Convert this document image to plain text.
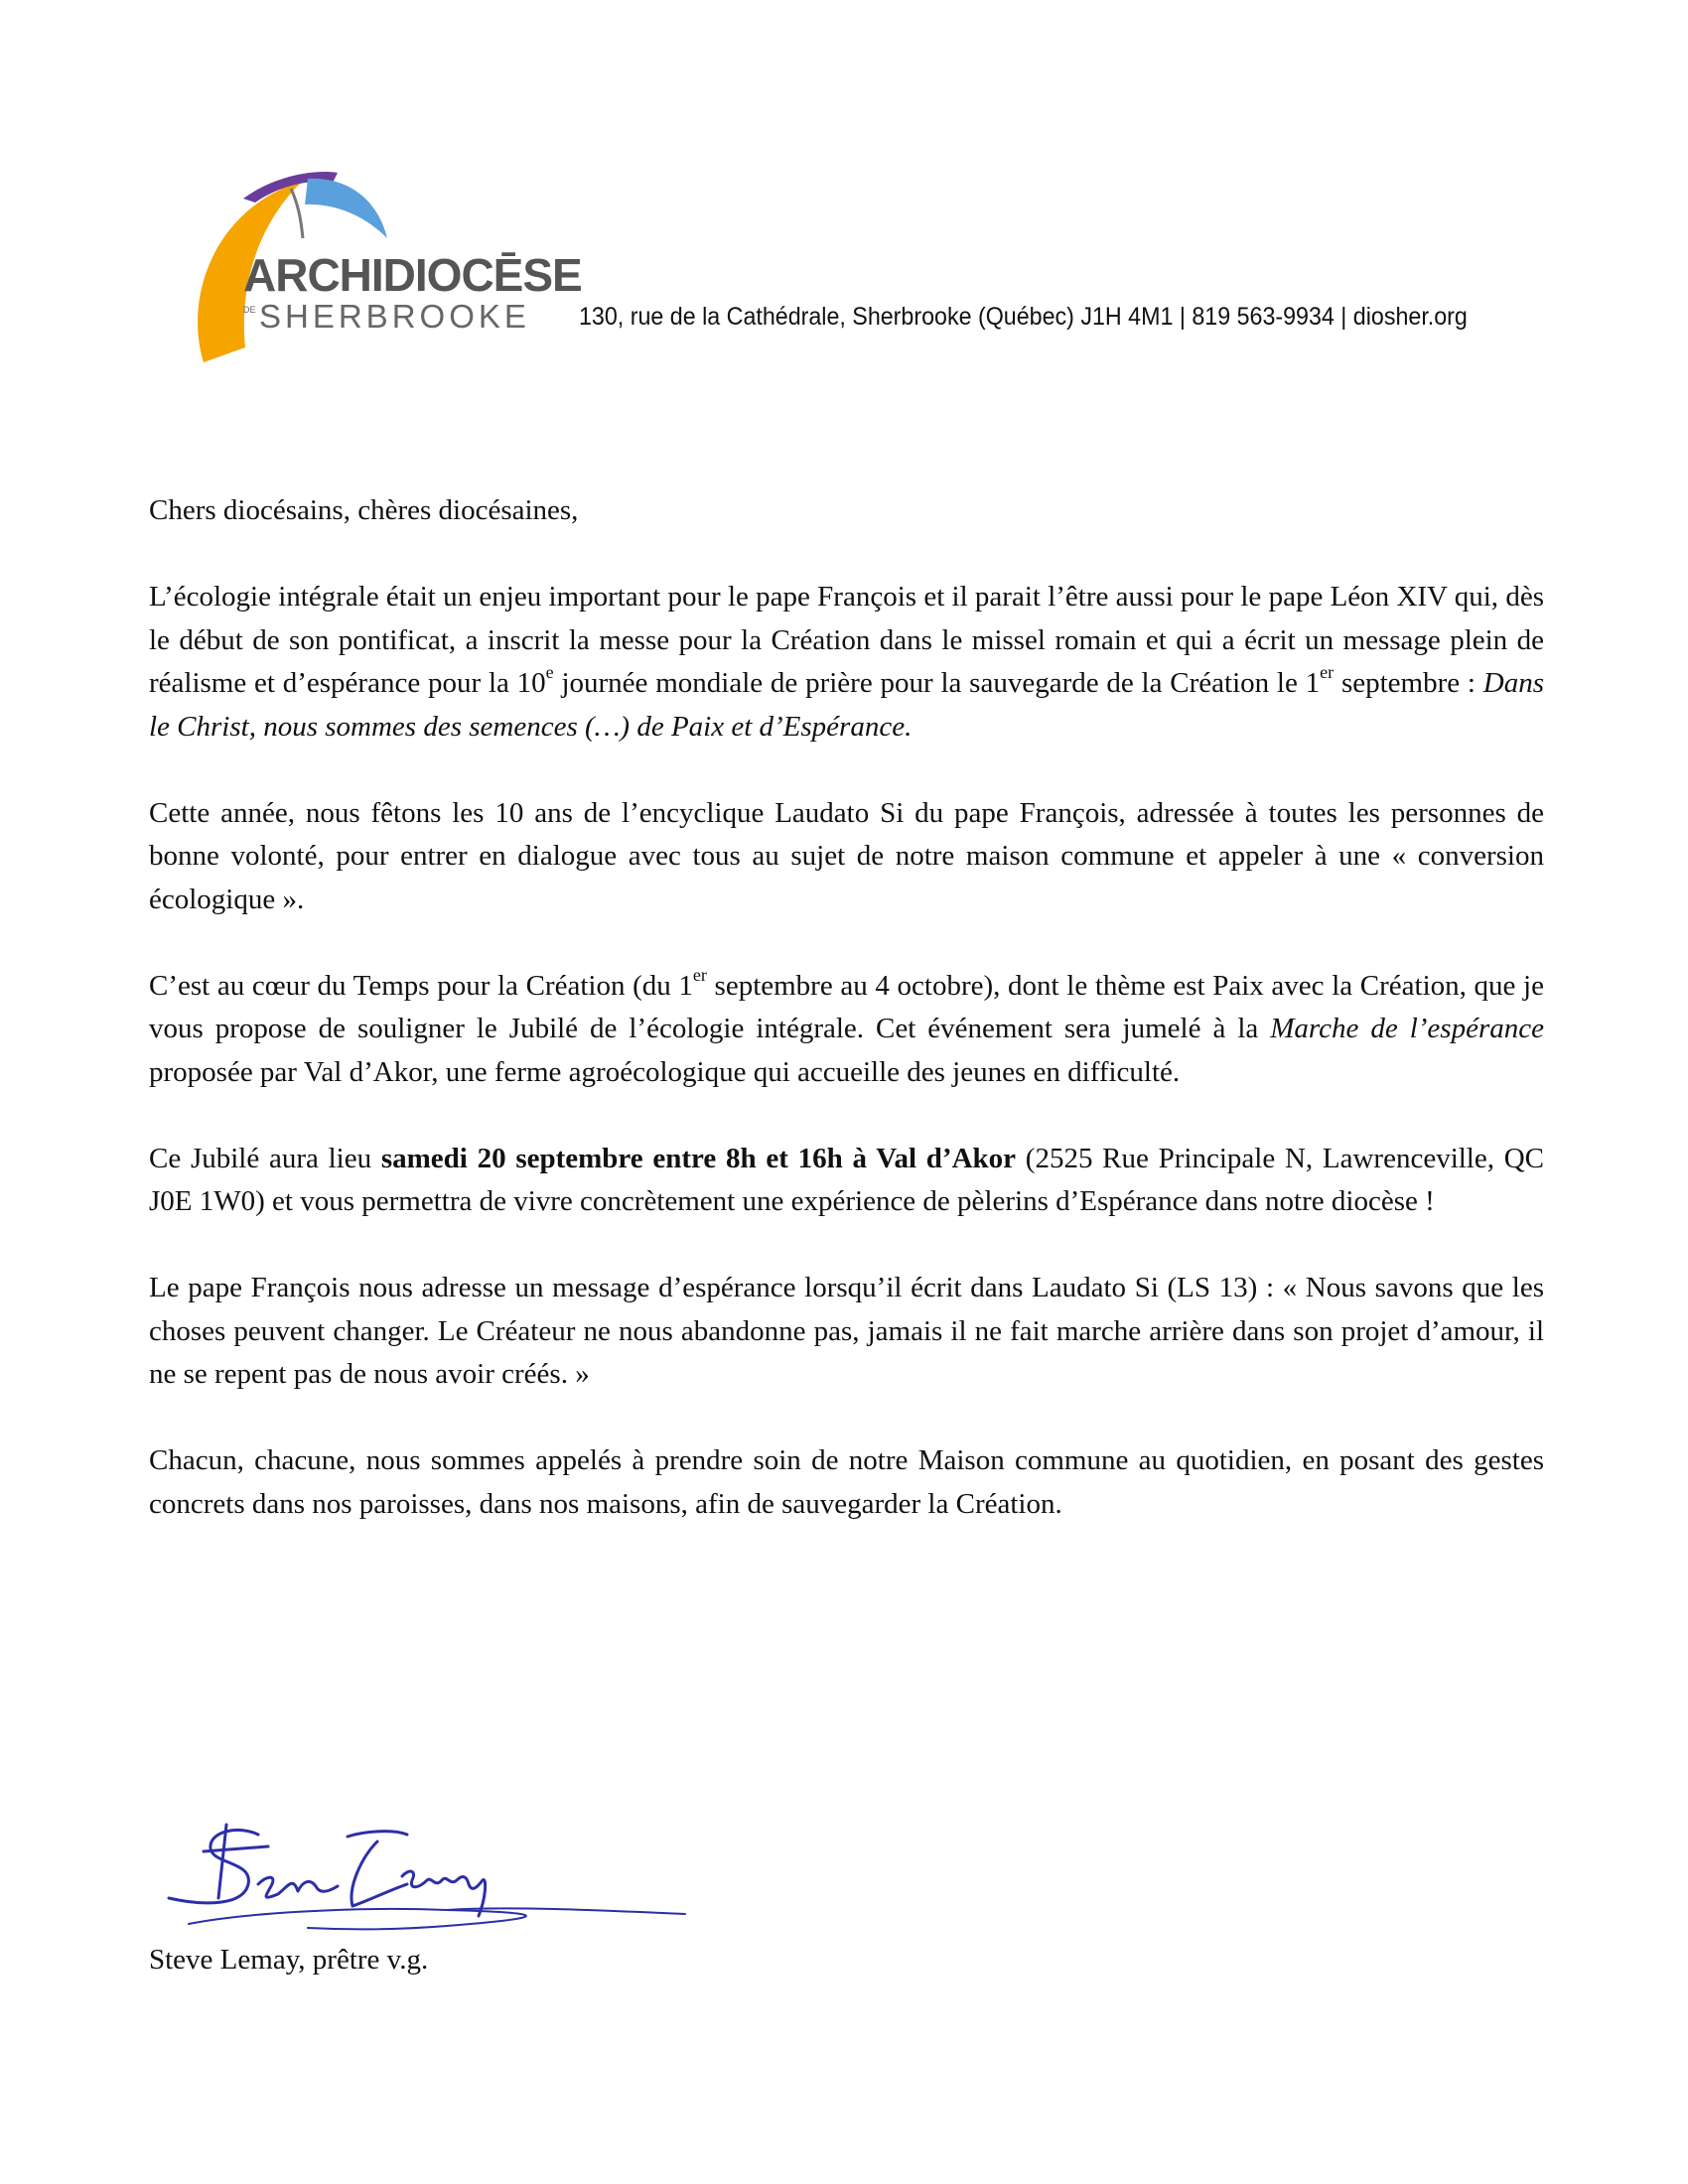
ARCHIDIOCĒSE
DE SHERBROOKE 130, rue de la Cathédrale, Sherbrooke (Québec) J1H 4M1 | 819 563-9934 | diosher.org

Chers diocésains, chères diocésaines,

L’écologie intégrale était un enjeu important pour le pape François et il parait l’être aussi pour le pape Léon XIV qui, dès le début de son pontificat, a inscrit la messe pour la Création dans le missel romain et qui a écrit un message plein de réalisme et d’espérance pour la 10e journée mondiale de prière pour la sauvegarde de la Création le 1er septembre : Dans le Christ, nous sommes des semences (…) de Paix et d’Espérance.

Cette année, nous fêtons les 10 ans de l’encyclique Laudato Si du pape François, adressée à toutes les personnes de bonne volonté, pour entrer en dialogue avec tous au sujet de notre maison commune et appeler à une « conversion écologique ».

C’est au cœur du Temps pour la Création (du 1er septembre au 4 octobre), dont le thème est Paix avec la Création, que je vous propose de souligner le Jubilé de l’écologie intégrale. Cet événement sera jumelé à la Marche de l’espérance proposée par Val d’Akor, une ferme agroécologique qui accueille des jeunes en difficulté.

Ce Jubilé aura lieu samedi 20 septembre entre 8h et 16h à Val d’Akor (2525 Rue Principale N, Lawrenceville, QC J0E 1W0) et vous permettra de vivre concrètement une expérience de pèlerins d’Espérance dans notre diocèse !

Le pape François nous adresse un message d’espérance lorsqu’il écrit dans Laudato Si (LS 13) : « Nous savons que les choses peuvent changer. Le Créateur ne nous abandonne pas, jamais il ne fait marche arrière dans son projet d’amour, il ne se repent pas de nous avoir créés. »

Chacun, chacune, nous sommes appelés à prendre soin de notre Maison commune au quotidien, en posant des gestes concrets dans nos paroisses, dans nos maisons, afin de sauvegarder la Création.

Steve Lemay, prêtre v.g.
